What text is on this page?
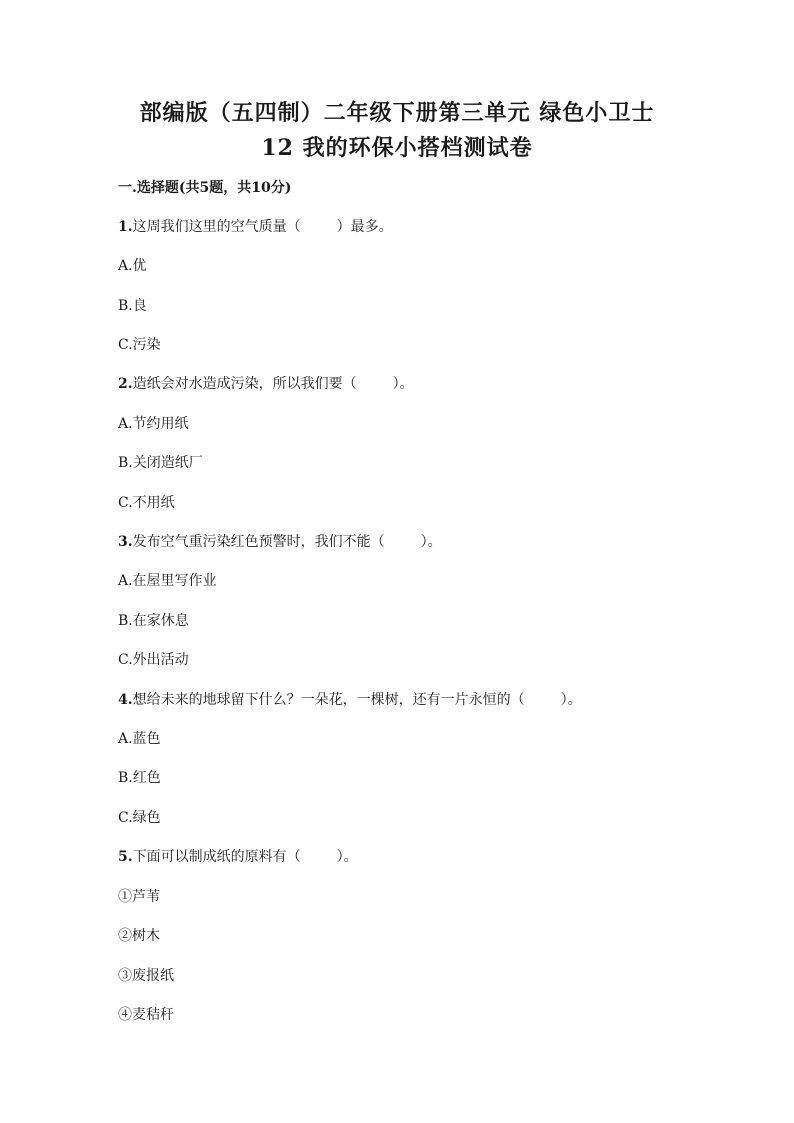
部编版（五四制）二年级下册第三单元 绿色小卫士
12 我的环保小搭档测试卷
一.选择题(共5题，共10分)
1.这周我们这里的空气质量（	）最多。
A.优
B.良
C.污染
2.造纸会对水造成污染，所以我们要（	）。
A.节约用纸
B.关闭造纸厂
C.不用纸
3.发布空气重污染红色预警时，我们不能（	）。
A.在屋里写作业
B.在家休息
C.外出活动
4.想给未来的地球留下什么？一朵花，一棵树，还有一片永恒的（	）。
A.蓝色
B.红色
C.绿色
5.下面可以制成纸的原料有（	）。
①芦苇
②树木
③废报纸
④麦秸秆
